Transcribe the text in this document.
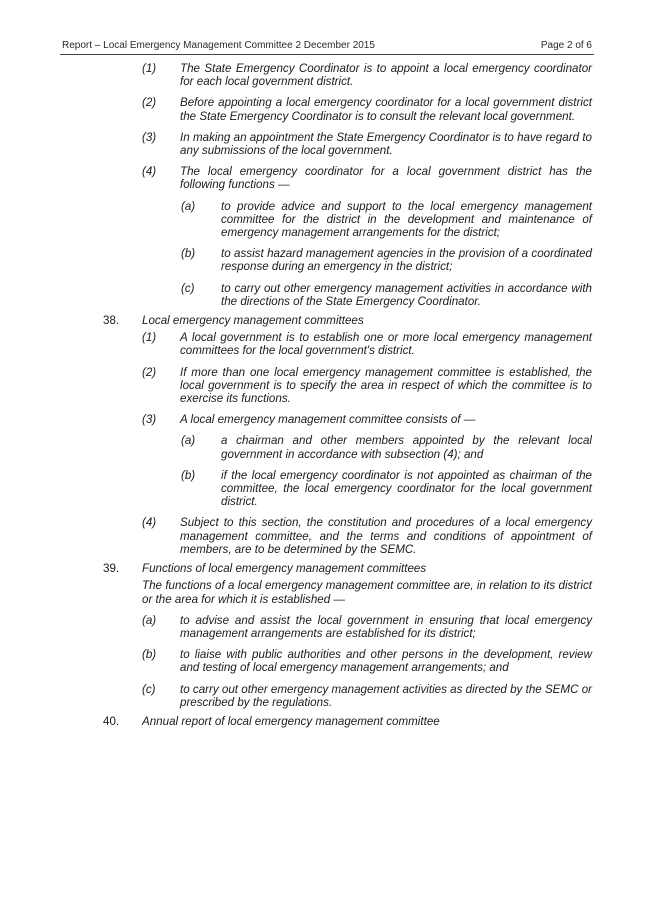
Report – Local Emergency Management Committee 2 December 2015	Page 2 of 6
(1) The State Emergency Coordinator is to appoint a local emergency coordinator for each local government district.
(2) Before appointing a local emergency coordinator for a local government district the State Emergency Coordinator is to consult the relevant local government.
(3) In making an appointment the State Emergency Coordinator is to have regard to any submissions of the local government.
(4) The local emergency coordinator for a local government district has the following functions —
(a) to provide advice and support to the local emergency management committee for the district in the development and maintenance of emergency management arrangements for the district;
(b) to assist hazard management agencies in the provision of a coordinated response during an emergency in the district;
(c) to carry out other emergency management activities in accordance with the directions of the State Emergency Coordinator.
38. Local emergency management committees
(1) A local government is to establish one or more local emergency management committees for the local government's district.
(2) If more than one local emergency management committee is established, the local government is to specify the area in respect of which the committee is to exercise its functions.
(3) A local emergency management committee consists of —
(a) a chairman and other members appointed by the relevant local government in accordance with subsection (4); and
(b) if the local emergency coordinator is not appointed as chairman of the committee, the local emergency coordinator for the local government district.
(4) Subject to this section, the constitution and procedures of a local emergency management committee, and the terms and conditions of appointment of members, are to be determined by the SEMC.
39. Functions of local emergency management committees
The functions of a local emergency management committee are, in relation to its district or the area for which it is established —
(a) to advise and assist the local government in ensuring that local emergency management arrangements are established for its district;
(b) to liaise with public authorities and other persons in the development, review and testing of local emergency management arrangements; and
(c) to carry out other emergency management activities as directed by the SEMC or prescribed by the regulations.
40. Annual report of local emergency management committee
